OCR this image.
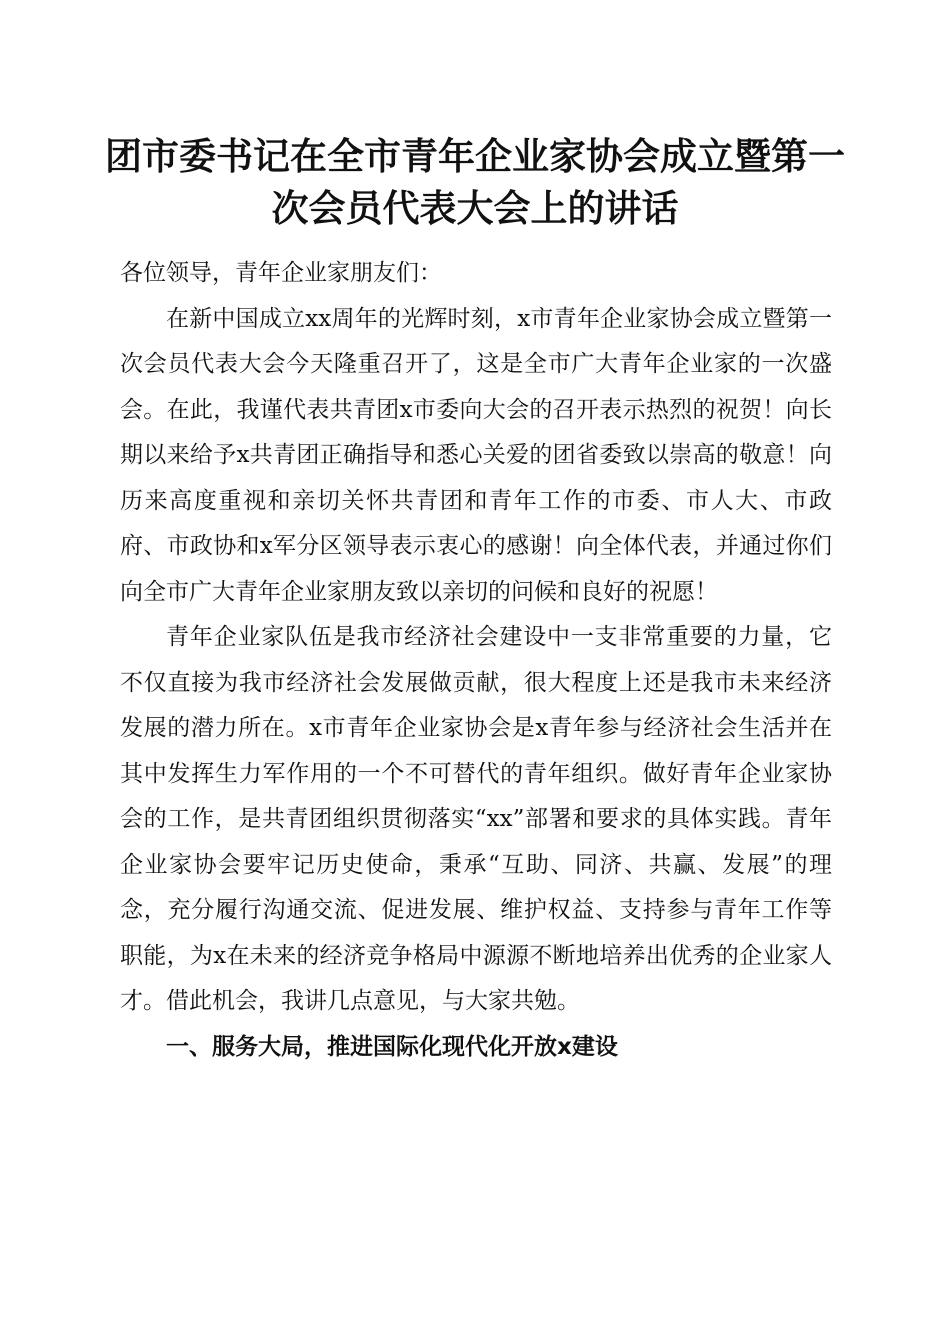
团市委书记在全市青年企业家协会成立暨第一
次会员代表大会上的讲话

各位领导，青年企业家朋友们：

在新中国成立xx周年的光辉时刻，x市青年企业家协会成立暨第一次会员代表大会今天隆重召开了，这是全市广大青年企业家的一次盛会。在此，我谨代表共青团x市委向大会的召开表示热烈的祝贺！向长期以来给予x共青团正确指导和悉心关爱的团省委致以崇高的敬意！向历来高度重视和亲切关怀共青团和青年工作的市委、市人大、市政府、市政协和x军分区领导表示衷心的感谢！向全体代表，并通过你们向全市广大青年企业家朋友致以亲切的问候和良好的祝愿！

青年企业家队伍是我市经济社会建设中一支非常重要的力量，它不仅直接为我市经济社会发展做贡献，很大程度上还是我市未来经济发展的潜力所在。x市青年企业家协会是x青年参与经济社会生活并在其中发挥生力军作用的一个不可替代的青年组织。做好青年企业家协会的工作，是共青团组织贯彻落实“xx”部署和要求的具体实践。青年企业家协会要牢记历史使命，秉承“互助、同济、共赢、发展”的理念，充分履行沟通交流、促进发展、维护权益、支持参与青年工作等职能，为x在未来的经济竞争格局中源源不断地培养出优秀的企业家人才。借此机会，我讲几点意见，与大家共勉。

一、服务大局，推进国际化现代化开放x建设
